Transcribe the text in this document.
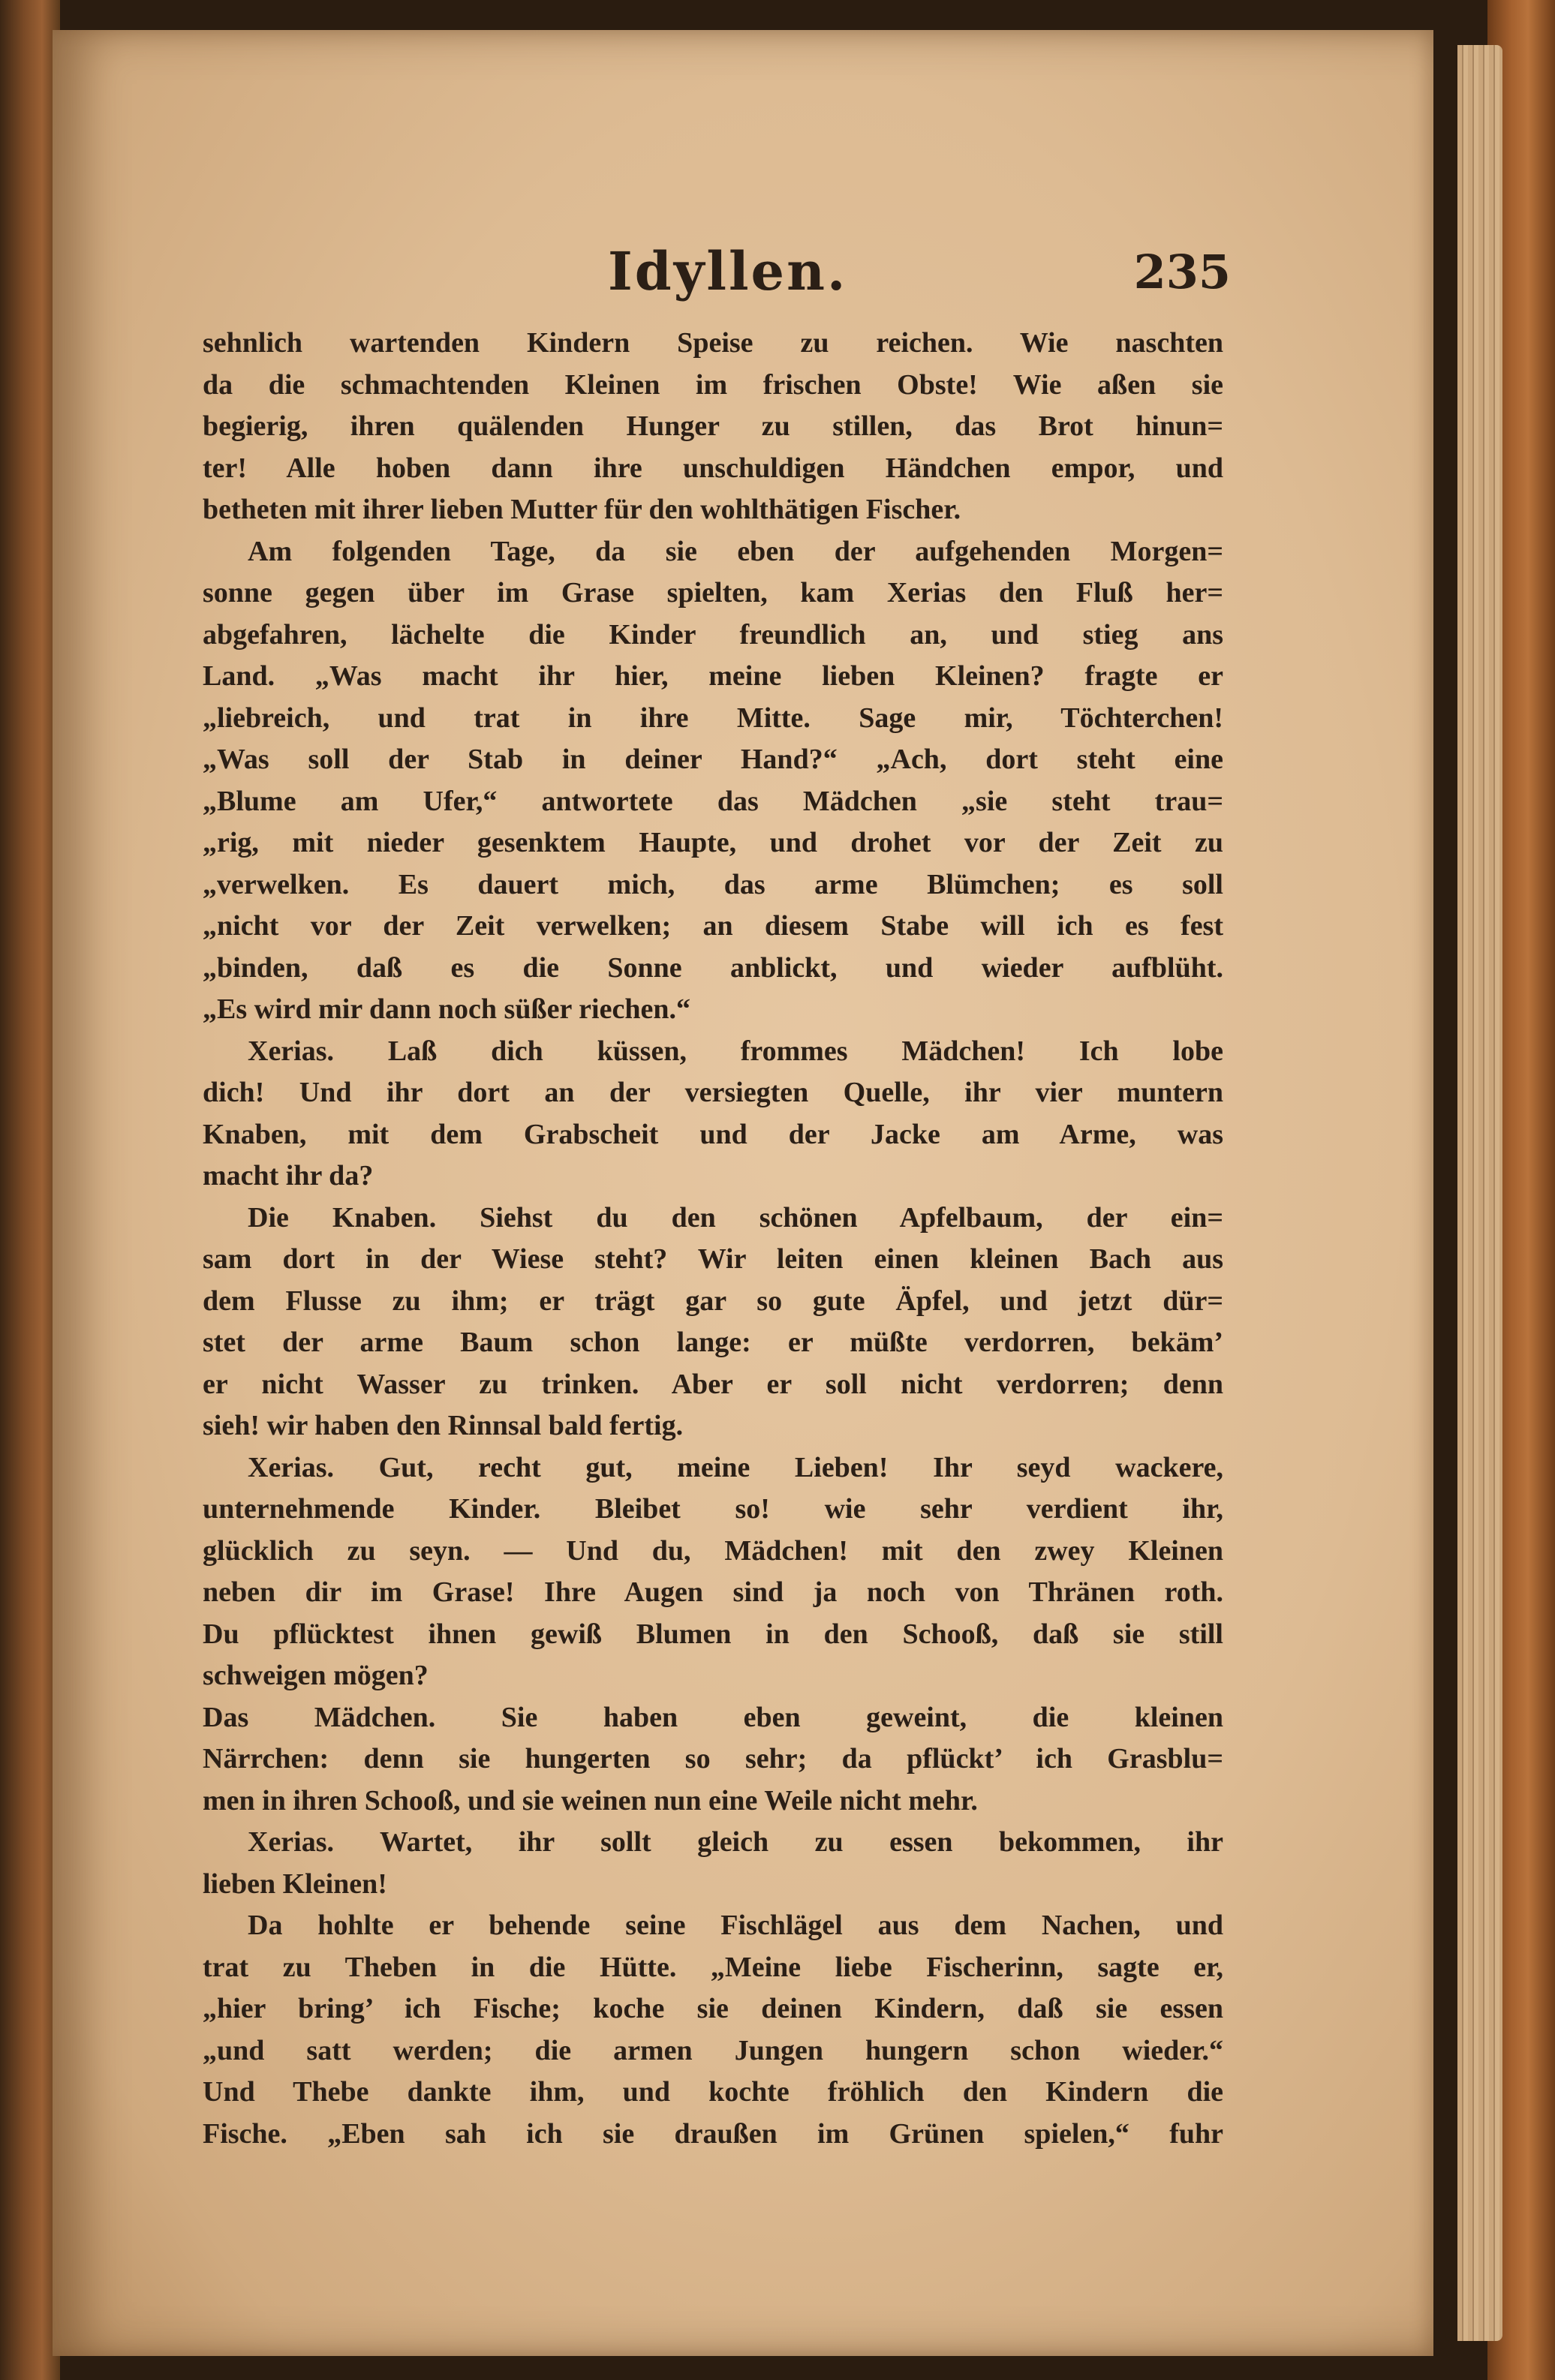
Idyllen.	235
sehnlich wartenden Kindern Speise zu reichen. Wie naschten
da die schmachtenden Kleinen im frischen Obste! Wie aßen sie
begierig, ihren quälenden Hunger zu stillen, das Brot hinun=
ter! Alle hoben dann ihre unschuldigen Händchen empor, und
betheten mit ihrer lieben Mutter für den wohlthätigen Fischer.
Am folgenden Tage, da sie eben der aufgehenden Morgen=
sonne gegen über im Grase spielten, kam Xerias den Fluß her=
abgefahren, lächelte die Kinder freundlich an, und stieg ans
Land. „Was macht ihr hier, meine lieben Kleinen? fragte er
„liebreich, und trat in ihre Mitte. Sage mir, Töchterchen!
„Was soll der Stab in deiner Hand?“ „Ach, dort steht eine
„Blume am Ufer,“ antwortete das Mädchen „sie steht trau=
„rig, mit nieder gesenktem Haupte, und drohet vor der Zeit zu
„verwelken. Es dauert mich, das arme Blümchen; es soll
„nicht vor der Zeit verwelken; an diesem Stabe will ich es fest
„binden, daß es die Sonne anblickt, und wieder aufblüht.
„Es wird mir dann noch süßer riechen.“
Xerias. Laß dich küssen, frommes Mädchen! Ich lobe
dich! Und ihr dort an der versiegten Quelle, ihr vier muntern
Knaben, mit dem Grabscheit und der Jacke am Arme, was
macht ihr da?
Die Knaben. Siehst du den schönen Apfelbaum, der ein=
sam dort in der Wiese steht? Wir leiten einen kleinen Bach aus
dem Flusse zu ihm; er trägt gar so gute Äpfel, und jetzt dür=
stet der arme Baum schon lange: er müßte verdorren, bekäm’
er nicht Wasser zu trinken. Aber er soll nicht verdorren; denn
sieh! wir haben den Rinnsal bald fertig.
Xerias. Gut, recht gut, meine Lieben! Ihr seyd wackere,
unternehmende Kinder. Bleibet so! wie sehr verdient ihr,
glücklich zu seyn. — Und du, Mädchen! mit den zwey Kleinen
neben dir im Grase! Ihre Augen sind ja noch von Thränen roth.
Du pflücktest ihnen gewiß Blumen in den Schooß, daß sie still
schweigen mögen?
Das Mädchen. Sie haben eben geweint, die kleinen
Närrchen: denn sie hungerten so sehr; da pflückt’ ich Grasblu=
men in ihren Schooß, und sie weinen nun eine Weile nicht mehr.
Xerias. Wartet, ihr sollt gleich zu essen bekommen, ihr
lieben Kleinen!
Da hohlte er behende seine Fischlägel aus dem Nachen, und
trat zu Theben in die Hütte. „Meine liebe Fischerinn, sagte er,
„hier bring’ ich Fische; koche sie deinen Kindern, daß sie essen
„und satt werden; die armen Jungen hungern schon wieder.“
Und Thebe dankte ihm, und kochte fröhlich den Kindern die
Fische. „Eben sah ich sie draußen im Grünen spielen,“ fuhr
